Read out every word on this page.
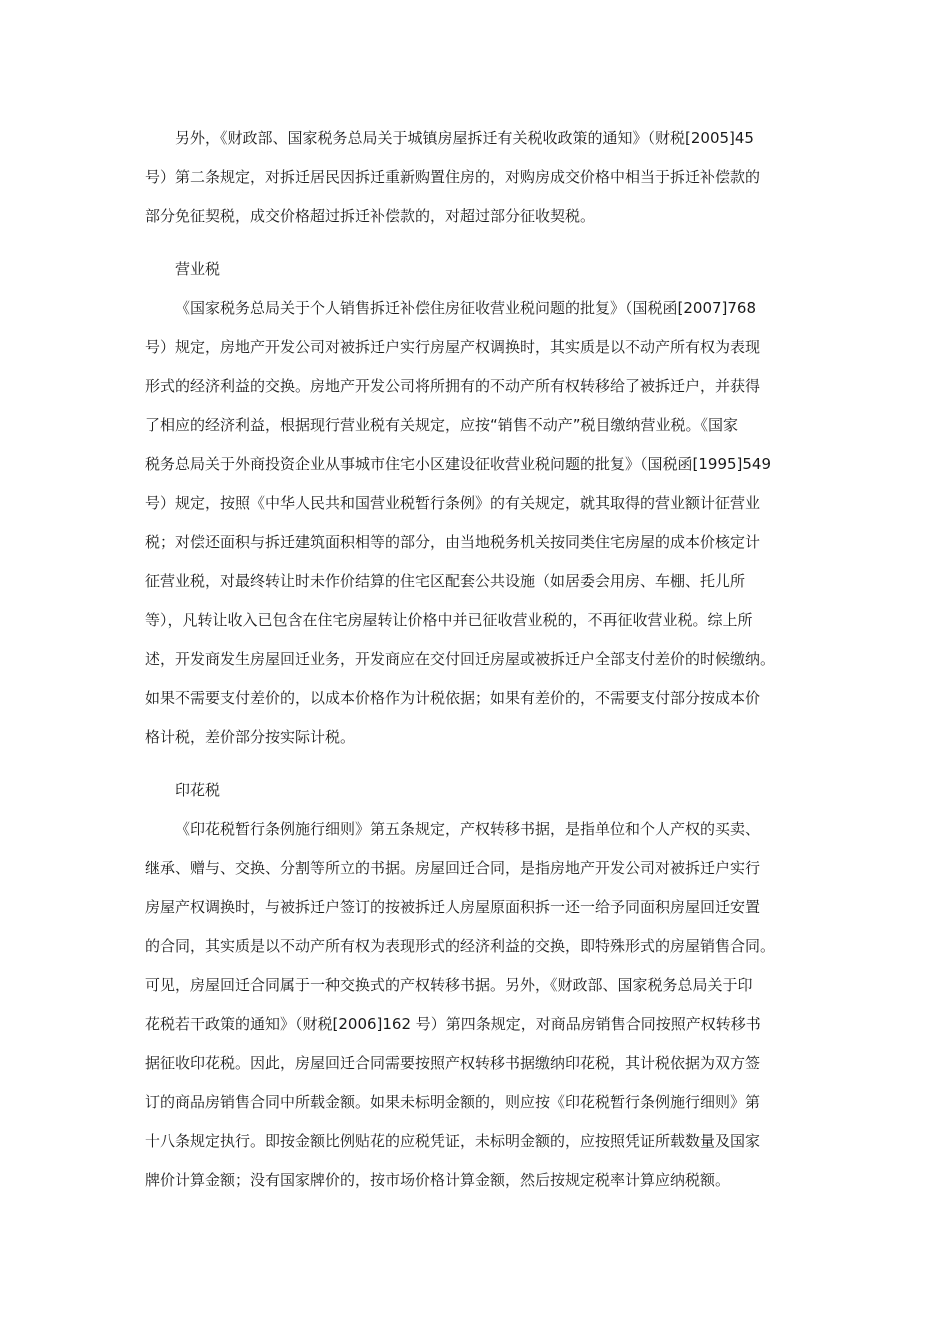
另外，《财政部、国家税务总局关于城镇房屋拆迁有关税收政策的通知》（财税[2005]45
号）第二条规定，对拆迁居民因拆迁重新购置住房的，对购房成交价格中相当于拆迁补偿款的
部分免征契税，成交价格超过拆迁补偿款的，对超过部分征收契税。
营业税
《国家税务总局关于个人销售拆迁补偿住房征收营业税问题的批复》（国税函[2007]768
号）规定，房地产开发公司对被拆迁户实行房屋产权调换时，其实质是以不动产所有权为表现
形式的经济利益的交换。房地产开发公司将所拥有的不动产所有权转移给了被拆迁户，并获得
了相应的经济利益，根据现行营业税有关规定，应按“销售不动产”税目缴纳营业税。《国家
税务总局关于外商投资企业从事城市住宅小区建设征收营业税问题的批复》（国税函[1995]549
号）规定，按照《中华人民共和国营业税暂行条例》的有关规定，就其取得的营业额计征营业
税；对偿还面积与拆迁建筑面积相等的部分，由当地税务机关按同类住宅房屋的成本价核定计
征营业税，对最终转让时未作价结算的住宅区配套公共设施（如居委会用房、车棚、托儿所
等），凡转让收入已包含在住宅房屋转让价格中并已征收营业税的，不再征收营业税。综上所
述，开发商发生房屋回迁业务，开发商应在交付回迁房屋或被拆迁户全部支付差价的时候缴纳。
如果不需要支付差价的，以成本价格作为计税依据；如果有差价的，不需要支付部分按成本价
格计税，差价部分按实际计税。
印花税
《印花税暂行条例施行细则》第五条规定，产权转移书据，是指单位和个人产权的买卖、
继承、赠与、交换、分割等所立的书据。房屋回迁合同，是指房地产开发公司对被拆迁户实行
房屋产权调换时，与被拆迁户签订的按被拆迁人房屋原面积拆一还一给予同面积房屋回迁安置
的合同，其实质是以不动产所有权为表现形式的经济利益的交换，即特殊形式的房屋销售合同。
可见，房屋回迁合同属于一种交换式的产权转移书据。另外，《财政部、国家税务总局关于印
花税若干政策的通知》（财税[2006]162 号）第四条规定，对商品房销售合同按照产权转移书
据征收印花税。因此，房屋回迁合同需要按照产权转移书据缴纳印花税，其计税依据为双方签
订的商品房销售合同中所载金额。如果未标明金额的，则应按《印花税暂行条例施行细则》第
十八条规定执行。即按金额比例贴花的应税凭证，未标明金额的，应按照凭证所载数量及国家
牌价计算金额；没有国家牌价的，按市场价格计算金额，然后按规定税率计算应纳税额。
